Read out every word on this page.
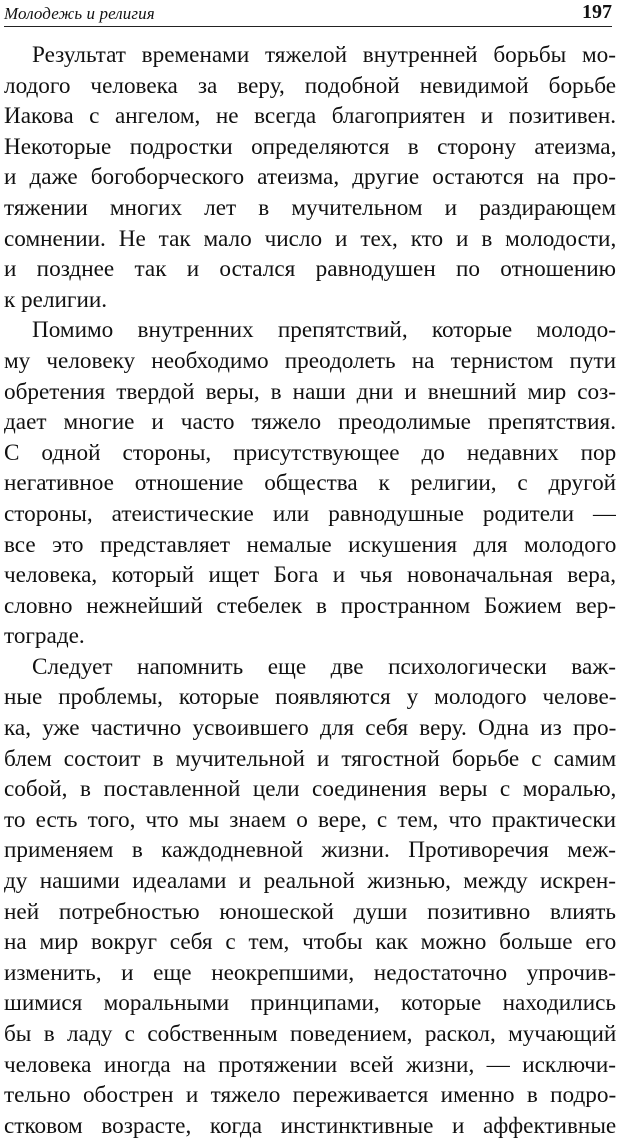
Молодежь и религия	197
Результат временами тяжелой внутренней борьбы мо-
лодого человека за веру, подобной невидимой борьбе
Иакова с ангелом, не всегда благоприятен и позитивен.
Некоторые подростки определяются в сторону атеизма,
и даже богоборческого атеизма, другие остаются на про-
тяжении многих лет в мучительном и раздирающем
сомнении. Не так мало число и тех, кто и в молодости,
и позднее так и остался равнодушен по отношению
к религии.
Помимо внутренних препятствий, которые молодо-
му человеку необходимо преодолеть на тернистом пути
обретения твердой веры, в наши дни и внешний мир соз-
дает многие и часто тяжело преодолимые препятствия.
С одной стороны, присутствующее до недавних пор
негативное отношение общества к религии, с другой
стороны, атеистические или равнодушные родители —
все это представляет немалые искушения для молодого
человека, который ищет Бога и чья новоначальная вера,
словно нежнейший стебелек в пространном Божием вер-
тограде.
Следует напомнить еще две психологически важ-
ные проблемы, которые появляются у молодого челове-
ка, уже частично усвоившего для себя веру. Одна из про-
блем состоит в мучительной и тягостной борьбе с самим
собой, в поставленной цели соединения веры с моралью,
то есть того, что мы знаем о вере, с тем, что практически
применяем в каждодневной жизни. Противоречия меж-
ду нашими идеалами и реальной жизнью, между искрен-
ней потребностью юношеской души позитивно влиять
на мир вокруг себя с тем, чтобы как можно больше его
изменить, и еще неокрепшими, недостаточно упрочив-
шимися моральными принципами, которые находились
бы в ладу с собственным поведением, раскол, мучающий
человека иногда на протяжении всей жизни, — исключи-
тельно обострен и тяжело переживается именно в подро-
стковом возрасте, когда инстинктивные и аффективные
